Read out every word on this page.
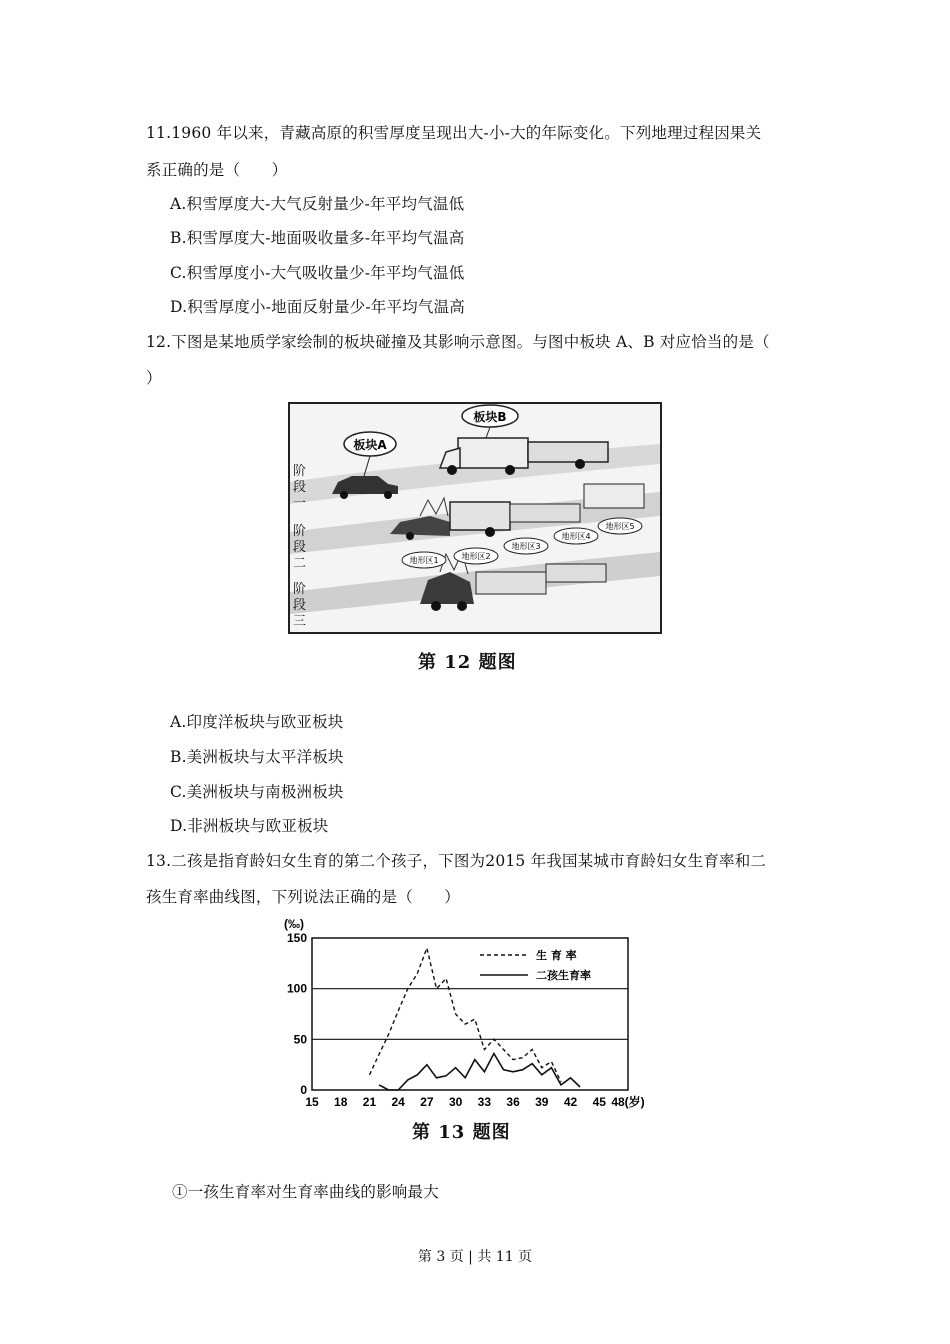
11.1960 年以来，青藏高原的积雪厚度呈现出大-小-大的年际变化。下列地理过程因果关
系正确的是（　　）
A.积雪厚度大-大气反射量少-年平均气温低
B.积雪厚度大-地面吸收量多-年平均气温高
C.积雪厚度小-大气吸收量少-年平均气温低
D.积雪厚度小-地面反射量少-年平均气温高
12.下图是某地质学家绘制的板块碰撞及其影响示意图。与图中板块 A、B 对应恰当的是（
）
板块A
板块B
地形区1	地形区2
地形区3
地形区4
地形区5
阶段一
阶段二
阶段三
第 12 题图
A.印度洋板块与欧亚板块
B.美洲板块与太平洋板块
C.美洲板块与南极洲板块
D.非洲板块与欧亚板块
13.二孩是指育龄妇女生育的第二个孩子，下图为2015 年我国某城市育龄妇女生育率和二
孩生育率曲线图，下列说法正确的是（　　）
0
50
100
150
15 18 21 24 27 30 33 36 39 42 45 48(岁)
(‰)
生 育 率
二孩生育率
第 13 题图
①一孩生育率对生育率曲线的影响最大
第 3 页 | 共 11 页
